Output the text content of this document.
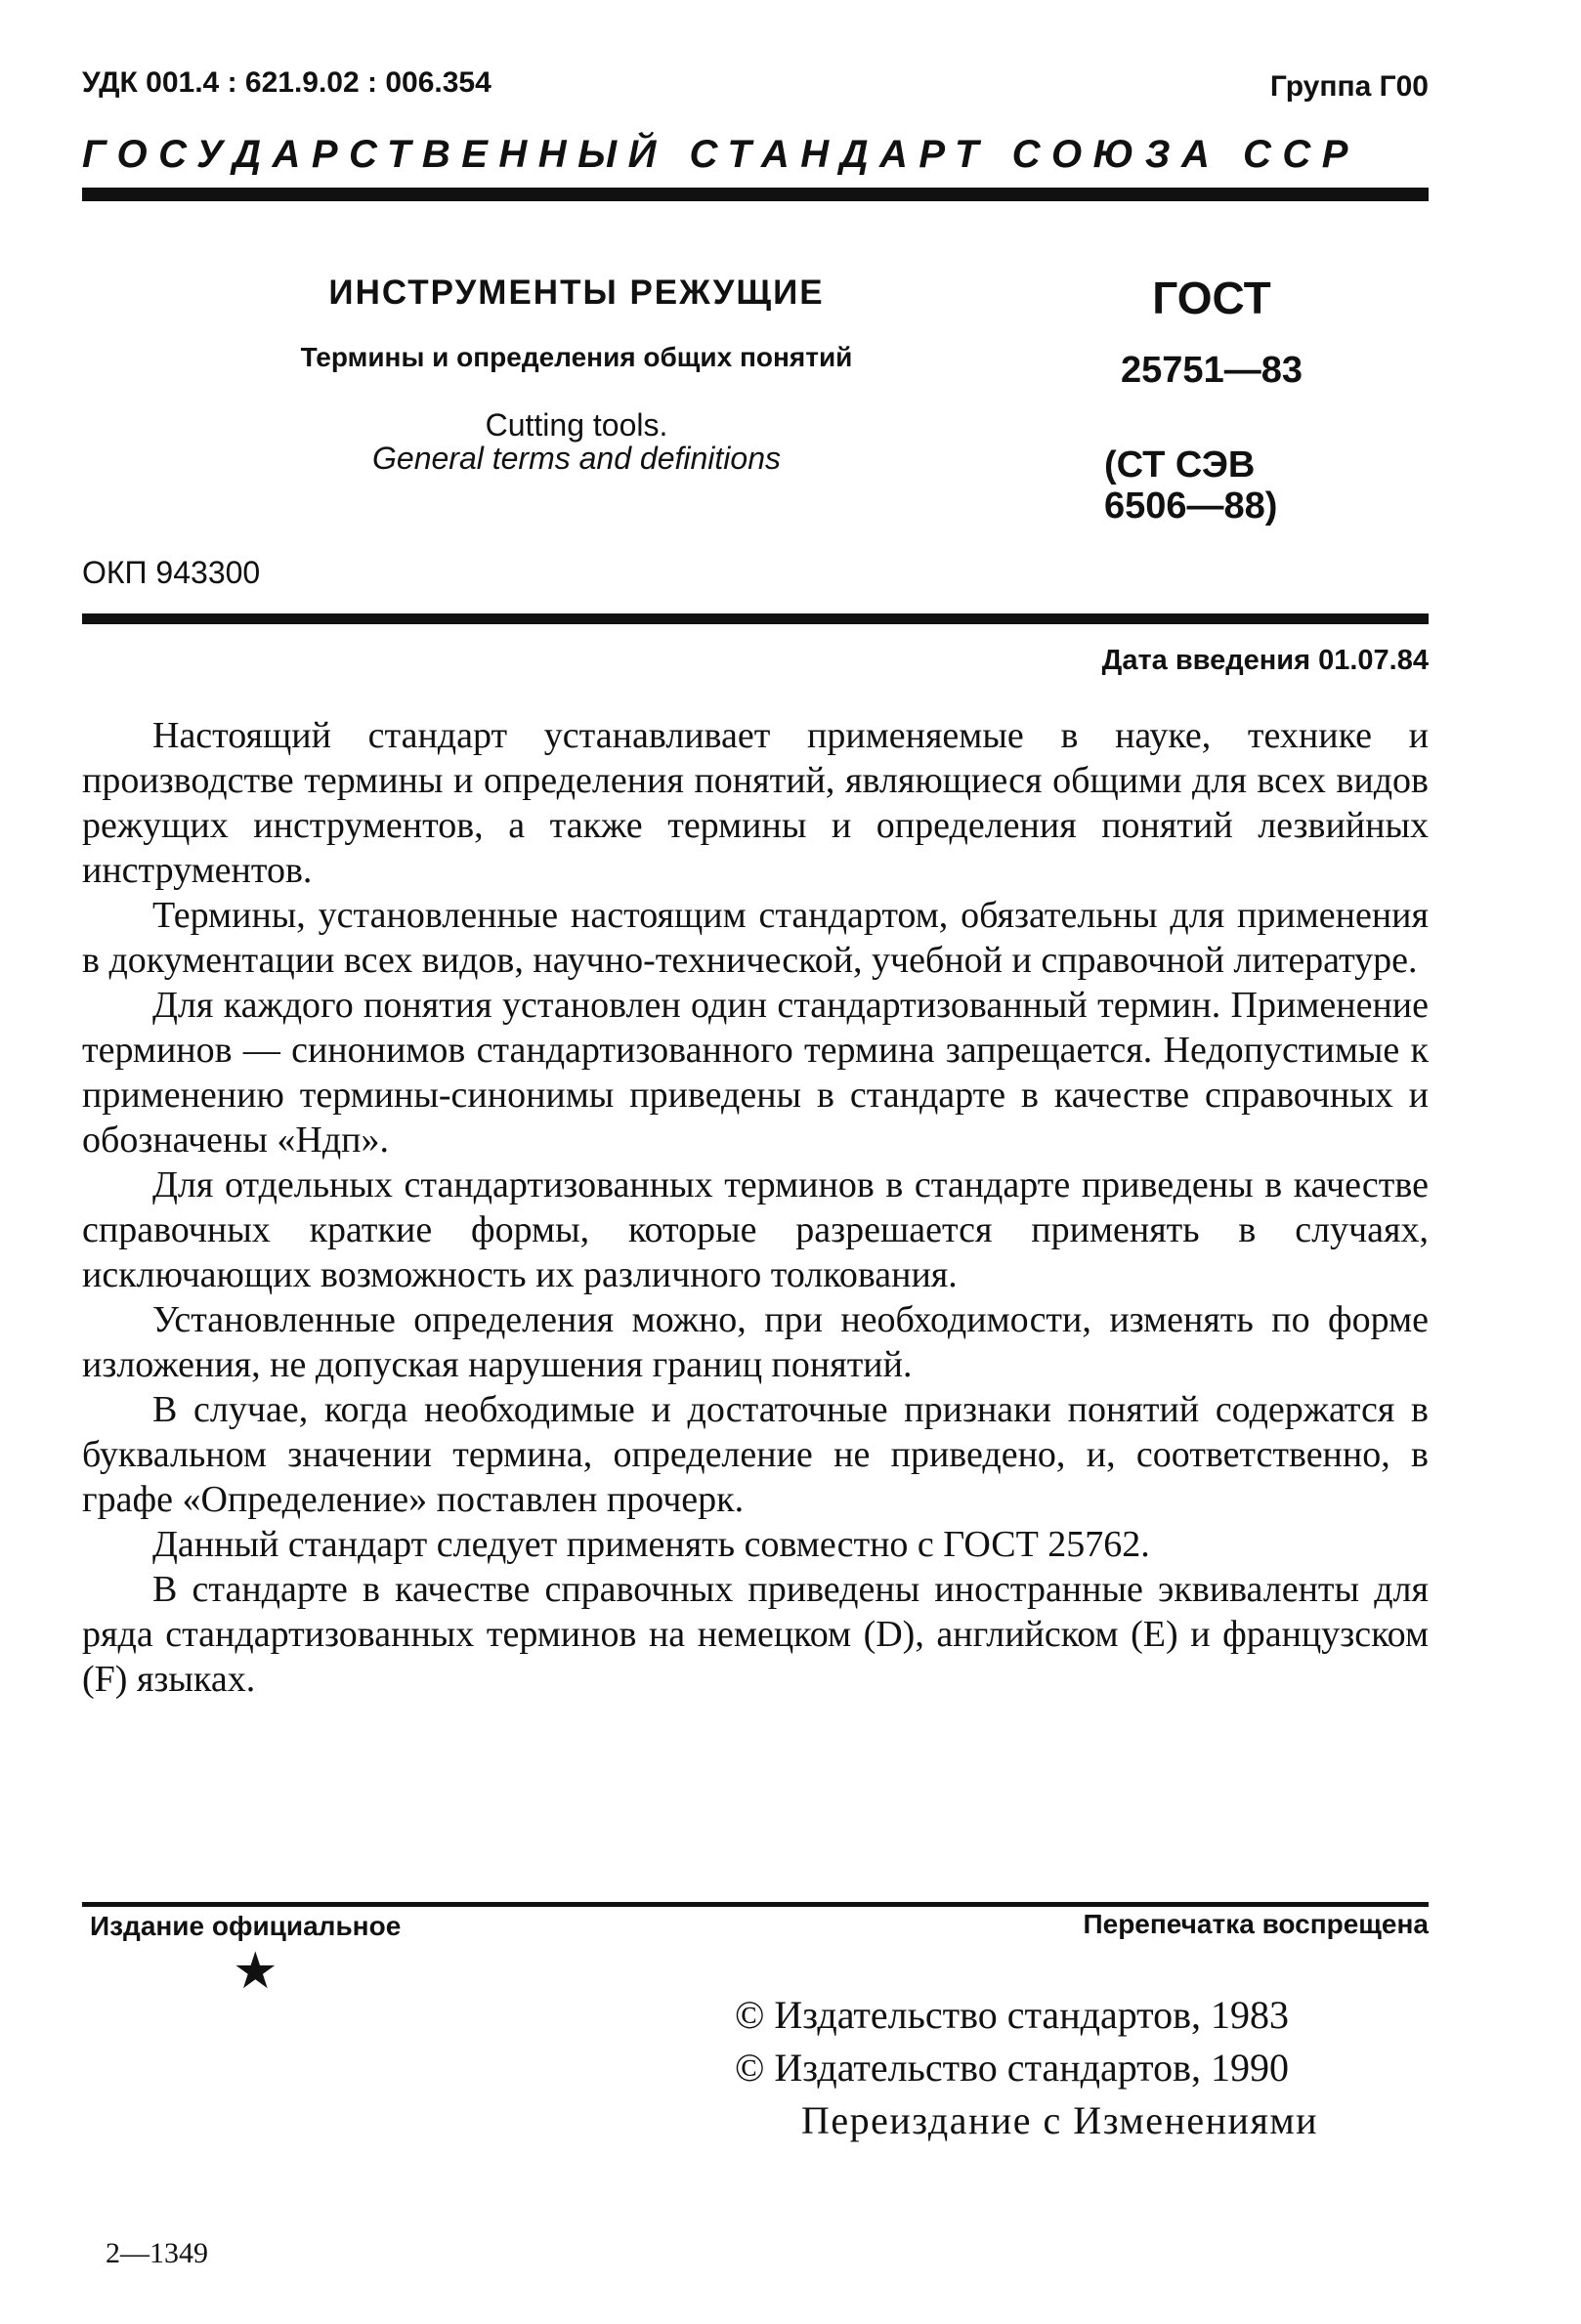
УДК 001.4 : 621.9.02 : 006.354	Группа Г00
ГОСУДАРСТВЕННЫЙ СТАНДАРТ СОЮЗА ССР
ИНСТРУМЕНТЫ РЕЖУЩИЕ
Термины и определения общих понятий
Cutting tools.
General terms and definitions
ГОСТ
25751—83
(СТ СЭВ
6506—88)
ОКП 943300
Дата введения 01.07.84

Настоящий стандарт устанавливает применяемые в науке, технике и производстве термины и определения понятий, являющиеся общими для всех видов режущих инструментов, а также термины и определения понятий лезвийных инструментов.

Термины, установленные настоящим стандартом, обязательны для применения в документации всех видов, научно-технической, учебной и справочной литературе.

Для каждого понятия установлен один стандартизованный термин. Применение терминов — синонимов стандартизованного термина запрещается. Недопустимые к применению термины-синонимы приведены в стандарте в качестве справочных и обозначены «Ндп».

Для отдельных стандартизованных терминов в стандарте приведены в качестве справочных краткие формы, которые разрешается применять в случаях, исключающих возможность их различного толкования.

Установленные определения можно, при необходимости, изменять по форме изложения, не допуская нарушения границ понятий.

В случае, когда необходимые и достаточные признаки понятий содержатся в буквальном значении термина, определение не приведено, и, соответственно, в графе «Определение» поставлен прочерк.

Данный стандарт следует применять совместно с ГОСТ 25762.

В стандарте в качестве справочных приведены иностранные эквиваленты для ряда стандартизованных терминов на немецком (D), английском (E) и французском (F) языках.

Издание официальное	Перепечатка воспрещена
★
© Издательство стандартов, 1983
© Издательство стандартов, 1990
Переиздание с Изменениями
2—1349
